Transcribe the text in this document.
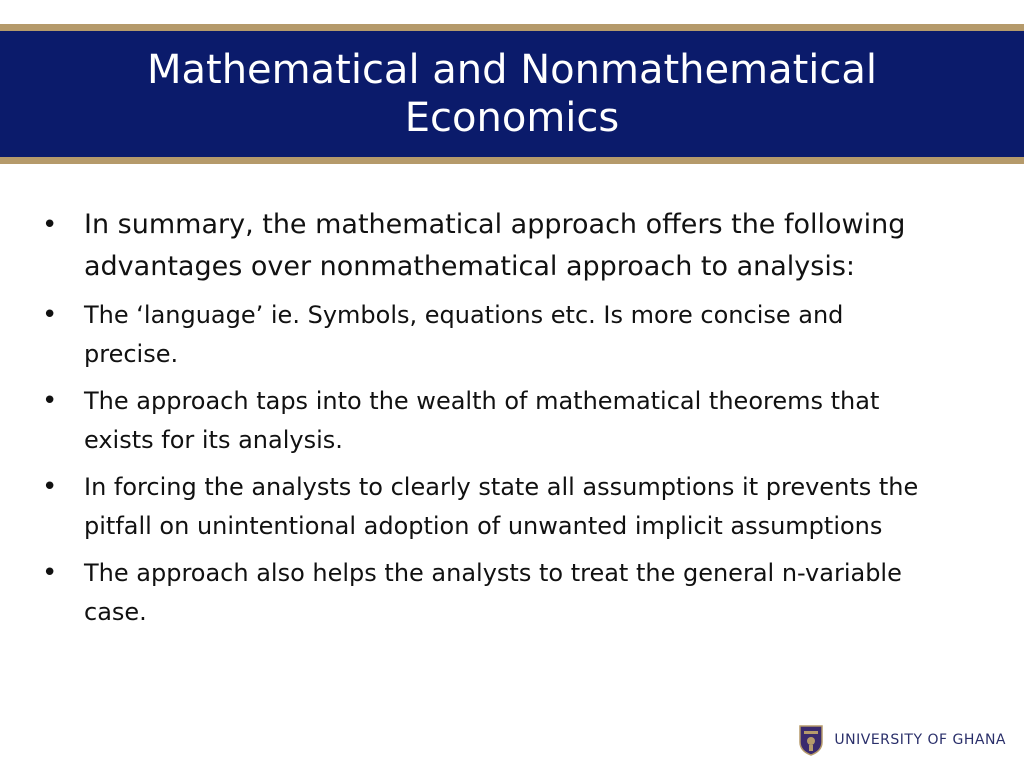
Mathematical and Nonmathematical Economics
• In summary, the mathematical approach offers the following advantages over nonmathematical approach to analysis:
• The ‘language’ ie. Symbols, equations etc. Is more concise and precise.
• The approach taps into the wealth of mathematical theorems that exists for its analysis.
• In forcing the analysts to clearly state all assumptions it prevents the pitfall on unintentional adoption of unwanted implicit assumptions
• The approach also helps the analysts to treat the general n-variable case.
UNIVERSITY OF GHANA
